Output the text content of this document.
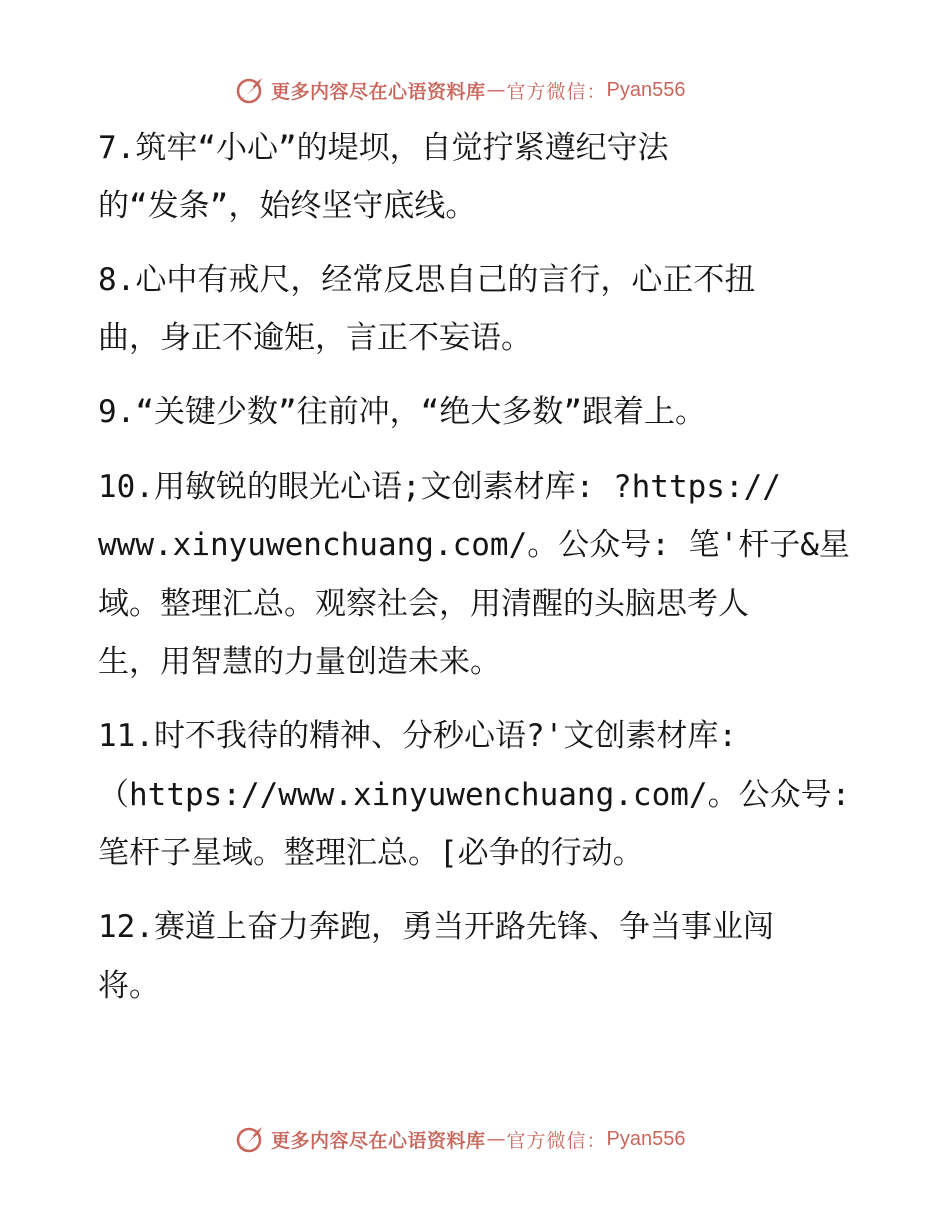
更多内容尽在心语资料库 — 官方微信： Pyan556
7.筑牢“小心”的堤坝，自觉拧紧遵纪守法
的“发条”，始终坚守底线。
8.心中有戒尺，经常反思自己的言行，心正不扭
曲，身正不逾矩，言正不妄语。
9.“关键少数”往前冲，“绝大多数”跟着上。
10.用敏锐的眼光心语;文创素材库: ?https://
www.xinyuwenchuang.com/。公众号: 笔'杆子&星
域。整理汇总。观察社会，用清醒的头脑思考人
生，用智慧的力量创造未来。
11.时不我待的精神、分秒心语?'文创素材库:
（https://www.xinyuwenchuang.com/。公众号:
笔杆子星域。整理汇总。[必争的行动。
12.赛道上奋力奔跑，勇当开路先锋、争当事业闯
将。
更多内容尽在心语资料库 — 官方微信： Pyan556
